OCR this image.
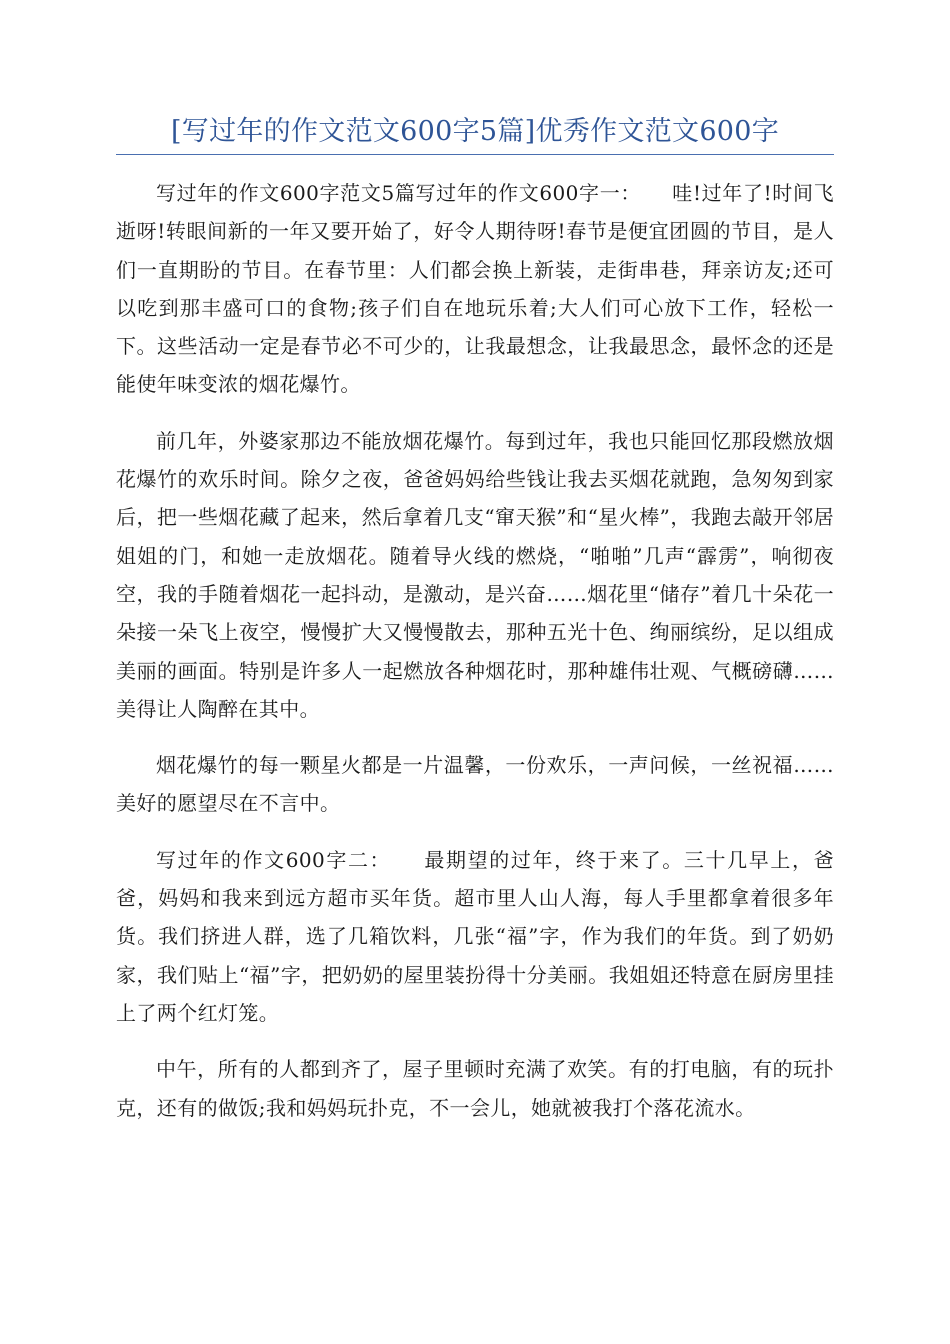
[写过年的作文范文600字5篇]优秀作文范文600字

写过年的作文600字范文5篇写过年的作文600字一：　　哇!过年了!时间飞逝呀!转眼间新的一年又要开始了，好令人期待呀!春节是便宜团圆的节目，是人们一直期盼的节目。在春节里：人们都会换上新装，走街串巷，拜亲访友;还可以吃到那丰盛可口的食物;孩子们自在地玩乐着;大人们可心放下工作，轻松一下。这些活动一定是春节必不可少的，让我最想念，让我最思念，最怀念的还是能使年味变浓的烟花爆竹。

前几年，外婆家那边不能放烟花爆竹。每到过年，我也只能回忆那段燃放烟花爆竹的欢乐时间。除夕之夜，爸爸妈妈给些钱让我去买烟花就跑，急匆匆到家后，把一些烟花藏了起来，然后拿着几支“窜天猴”和“星火棒”，我跑去敲开邻居姐姐的门，和她一走放烟花。随着导火线的燃烧，“啪啪”几声“霹雳”，响彻夜空，我的手随着烟花一起抖动，是激动，是兴奋……烟花里“储存”着几十朵花一朵接一朵飞上夜空，慢慢扩大又慢慢散去，那种五光十色、绚丽缤纷，足以组成美丽的画面。特别是许多人一起燃放各种烟花时，那种雄伟壮观、气概磅礴……美得让人陶醉在其中。

烟花爆竹的每一颗星火都是一片温馨，一份欢乐，一声问候，一丝祝福……美好的愿望尽在不言中。

写过年的作文600字二：　　最期望的过年，终于来了。三十几早上，爸爸，妈妈和我来到远方超市买年货。超市里人山人海，每人手里都拿着很多年货。我们挤进人群，选了几箱饮料，几张“福”字，作为我们的年货。到了奶奶家，我们贴上“福”字，把奶奶的屋里装扮得十分美丽。我姐姐还特意在厨房里挂上了两个红灯笼。

中午，所有的人都到齐了，屋子里顿时充满了欢笑。有的打电脑，有的玩扑克，还有的做饭;我和妈妈玩扑克，不一会儿，她就被我打个落花流水。
